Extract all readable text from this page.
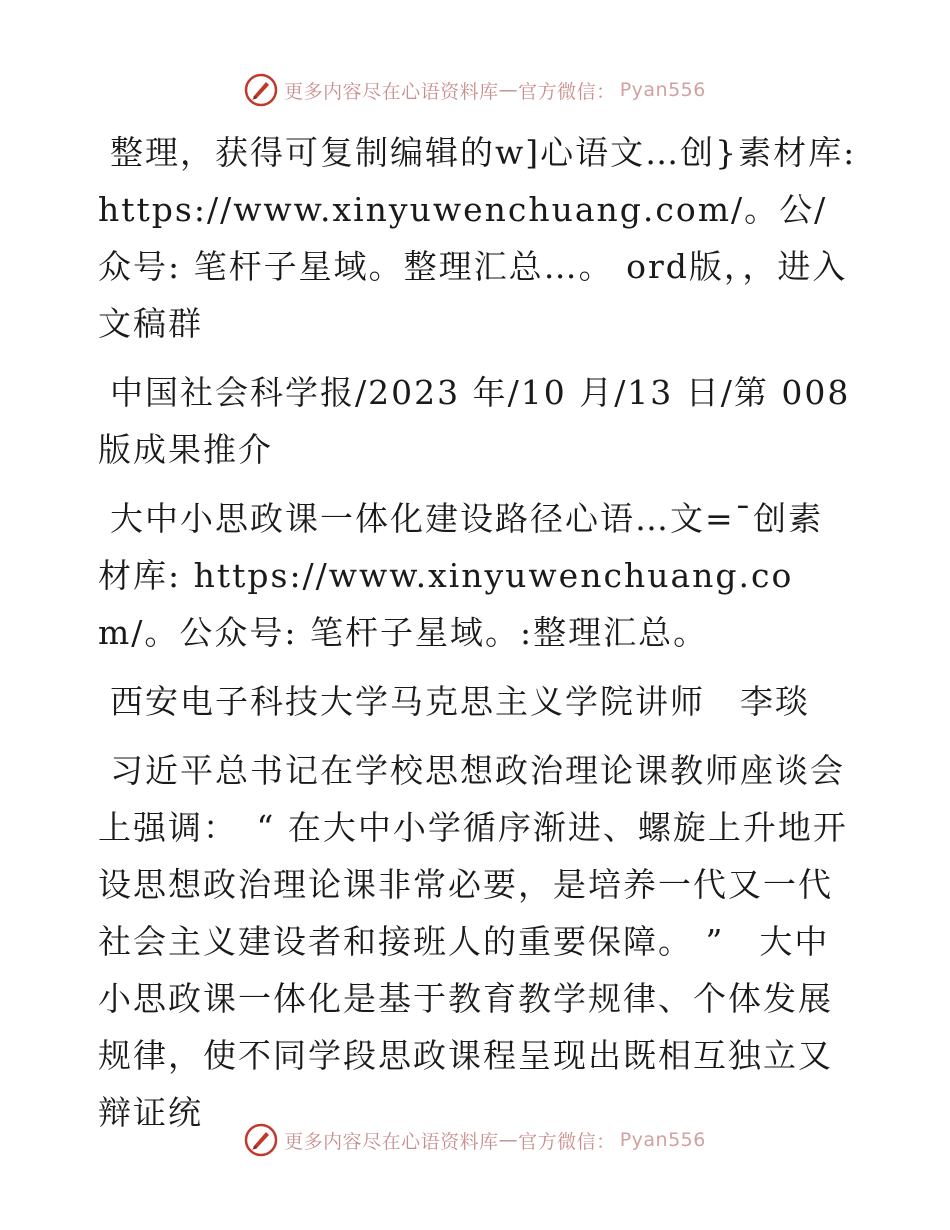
更多内容尽在心语资料库 — 官方微信： Pyan556

整理，获得可复制编辑的w]心语文…创}素材库:https://www.xinyuwenchuang.com/。公/众号: 笔杆子星域。整理汇总…。 ord版，，进入文稿群

中国社会科学报/2023 年/10 月/13 日/第 008版成果推介

大中小思政课一体化建设路径心语…文=¯创素材库: https://www.xinyuwenchuang.com/。公众号: 笔杆子星域。:整理汇总。

西安电子科技大学马克思主义学院讲师　李琰

习近平总书记在学校思想政治理论课教师座谈会上强调：　“ 在大中小学循序渐进、螺旋上升地开设思想政治理论课非常必要，是培养一代又一代社会主义建设者和接班人的重要保障。 ”　大中小思政课一体化是基于教育教学规律、个体发展规律，使不同学段思政课程呈现出既相互独立又辩证统

更多内容尽在心语资料库 — 官方微信： Pyan556
